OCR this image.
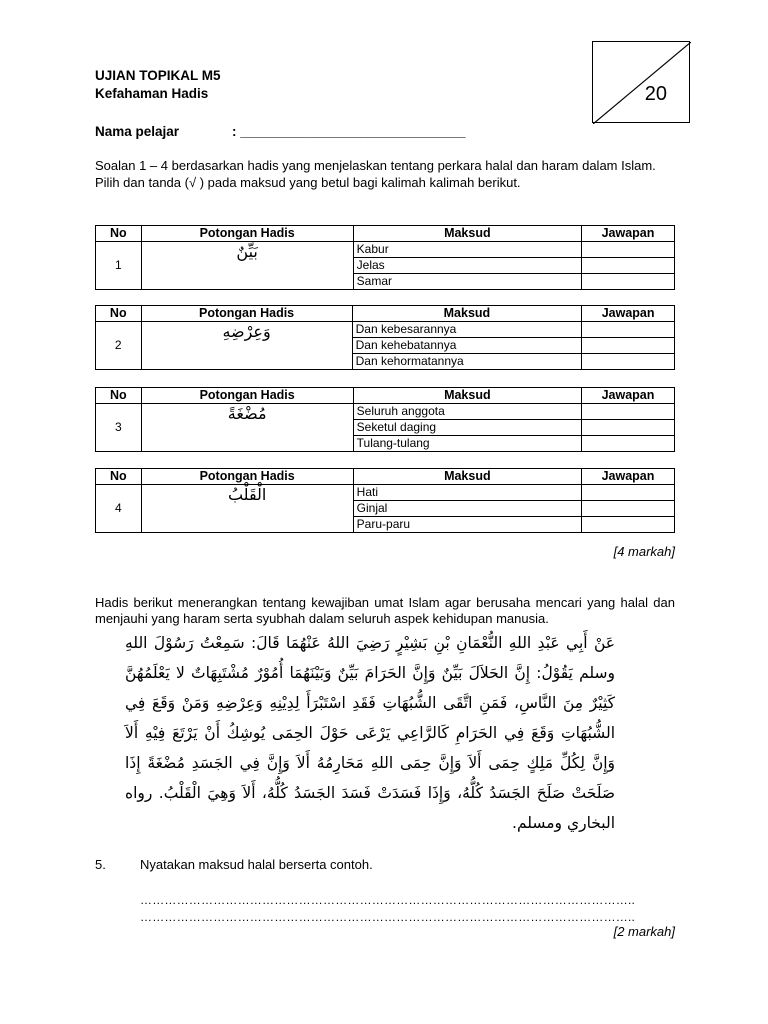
20
UJIAN TOPIKAL M5
Kefahaman Hadis
Nama pelajar	: ______________________________
Soalan 1 – 4 berdasarkan hadis yang menjelaskan tentang perkara halal dan haram dalam Islam.
Pilih dan tanda (√ ) pada maksud yang betul bagi kalimah kalimah berikut.
No	Potongan Hadis	Maksud	Jawapan
1	بَيِّنٌ	Kabur	
		Jelas	
		Samar	
No	Potongan Hadis	Maksud	Jawapan
2	وَعِرْضِهِ	Dan kebesarannya	
		Dan kehebatannya	
		Dan kehormatannya	
No	Potongan Hadis	Maksud	Jawapan
3	مُضْغَةً	Seluruh anggota	
		Seketul daging	
		Tulang-tulang	
No	Potongan Hadis	Maksud	Jawapan
4	الْقَلْبُ	Hati	
		Ginjal	
		Paru-paru	
[4 markah]
Hadis berikut menerangkan tentang kewajiban umat Islam agar berusaha mencari yang halal dan menjauhi yang haram serta syubhah dalam seluruh aspek kehidupan manusia.
عَنْ أَبِي عَبْدِ اللهِ النُّعْمَانِ بْنِ بَشِيْرٍ رَضِيَ اللهُ عَنْهُمَا قَالَ: سَمِعْتُ رَسُوْلَ اللهِ وسلم يَقُوْلُ: إِنَّ الحَلاَلَ بَيِّنٌ وَإِنَّ الحَرَامَ بَيِّنٌ وَبَيْنَهُمَا أُمُوْرٌ مُشْتَبِهَاتٌ لا يَعْلَمُهُنَّ كَثِيْرٌ مِنَ النَّاسِ، فَمَنِ اتَّقَى الشُّبُهَاتِ فَقَدِ اسْتَبْرَأَ لِدِيْنِهِ وَعِرْضِهِ وَمَنْ وَقَعَ فِي الشُّبُهَاتِ وَقَعَ فِي الحَرَامِ كَالرَّاعِي يَرْعَى حَوْلَ الحِمَى يُوشِكُ أَنْ يَرْتَعَ فِيْهِ أَلاَ وَإِنَّ لِكُلِّ مَلِكٍ حِمَى أَلاَ وَإِنَّ حِمَى اللهِ مَحَارِمُهُ أَلاَ وَإِنَّ فِي الجَسَدِ مُضْغَةً إِذَا صَلَحَتْ صَلَحَ الجَسَدُ كُلُّهُ، وَإِذَا فَسَدَتْ فَسَدَ الجَسَدُ كُلُّهُ، أَلاَ وَهِيَ الْقَلْبُ. رواه البخاري ومسلم.
5.	Nyatakan maksud halal berserta contoh.
…………………………………………………………………………………………………………..
…………………………………………………………………………………………………………..
[2 markah]
